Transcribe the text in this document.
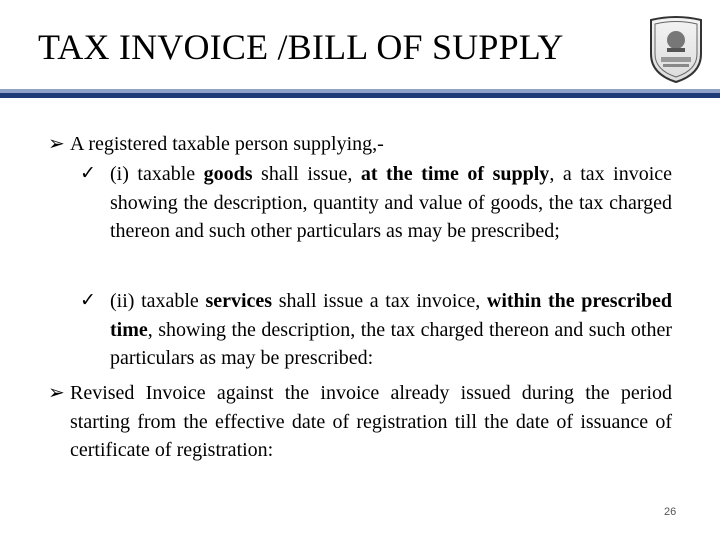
TAX INVOICE /BILL OF SUPPLY
➢ A registered taxable person supplying,-
✓ (i) taxable goods shall issue, at the time of supply, a tax invoice showing the description, quantity and value of goods, the tax charged thereon and such other particulars as may be prescribed;
✓ (ii) taxable services shall issue a tax invoice, within the prescribed time, showing the description, the tax charged thereon and such other particulars as may be prescribed:
➢ Revised Invoice against the invoice already issued during the period starting from the effective date of registration till the date of issuance of certificate of registration:
26
